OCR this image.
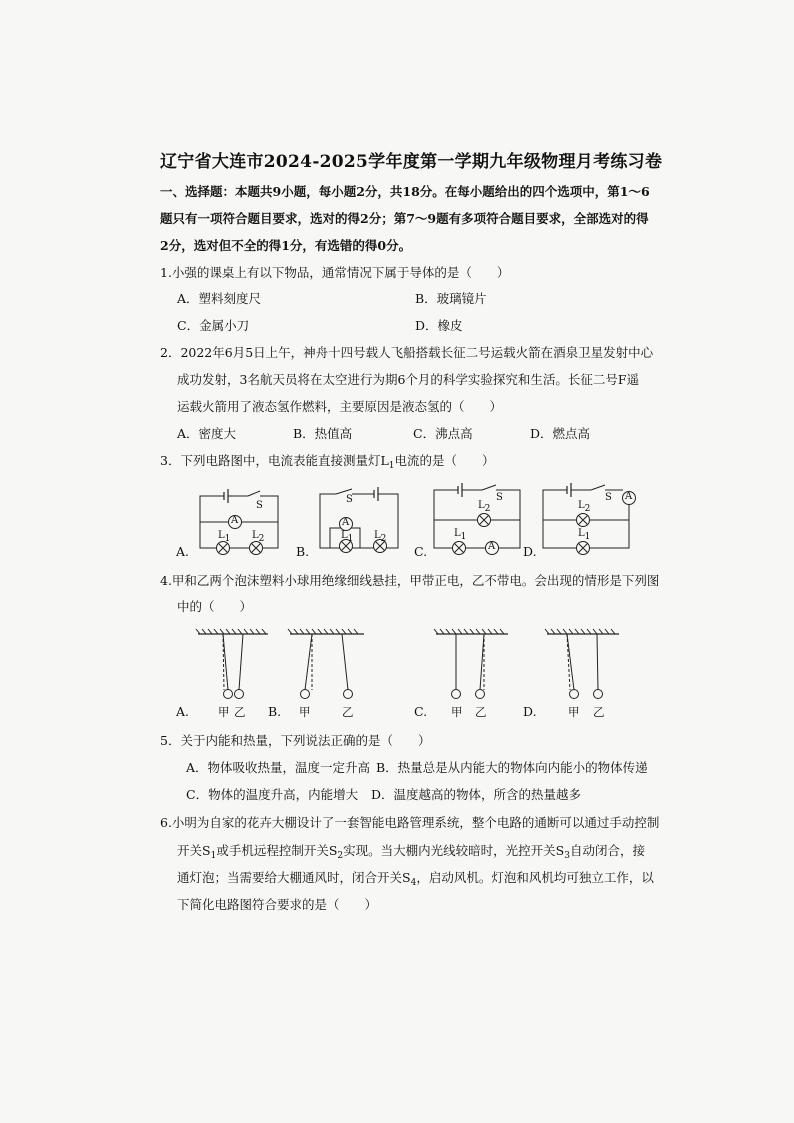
辽宁省大连市2024-2025学年度第一学期九年级物理月考练习卷
一、选择题：本题共9小题，每小题2分，共18分。在每小题给出的四个选项中，第1～6
题只有一项符合题目要求，选对的得2分；第7～9题有多项符合题目要求，全部选对的得
2分，选对但不全的得1分，有选错的得0分。
1.小强的课桌上有以下物品，通常情况下属于导体的是（　　）
A．塑料刻度尺	B．玻璃镜片
C．金属小刀	D．橡皮
2．2022年6月5日上午，神舟十四号载人飞船搭载长征二号运载火箭在酒泉卫星发射中心
成功发射，3名航天员将在太空进行为期6个月的科学实验探究和生活。长征二号F遥
运载火箭用了液态氢作燃料，主要原因是液态氢的（　　）
A．密度大	B．热值高	C．沸点高	D．燃点高
3．下列电路图中，电流表能直接测量灯$L_1$电流的是（　　）
A.
S
A
L1 L2
B.
S
A
L1 L2
C.
S
L2
L1
A D.
S A
L2
L1
4.甲和乙两个泡沫塑料小球用绝缘细线悬挂，甲带正电，乙不带电。会出现的情形是下列图
中的（　　）
A.	甲 乙 B. 甲	乙	C. 甲 乙	D.	甲 乙
5．关于内能和热量，下列说法正确的是（　　）
A．物体吸收热量，温度一定升高 B．热量总是从内能大的物体向内能小的物体传递
C．物体的温度升高，内能增大 D．温度越高的物体，所含的热量越多
6.小明为自家的花卉大棚设计了一套智能电路管理系统，整个电路的通断可以通过手动控制
开关$S_1$或手机远程控制开关$S_2$实现。当大棚内光线较暗时，光控开关$S_3$自动闭合，接
通灯泡；当需要给大棚通风时，闭合开关$S_4$，启动风机。灯泡和风机均可独立工作，以
下简化电路图符合要求的是（　　）
